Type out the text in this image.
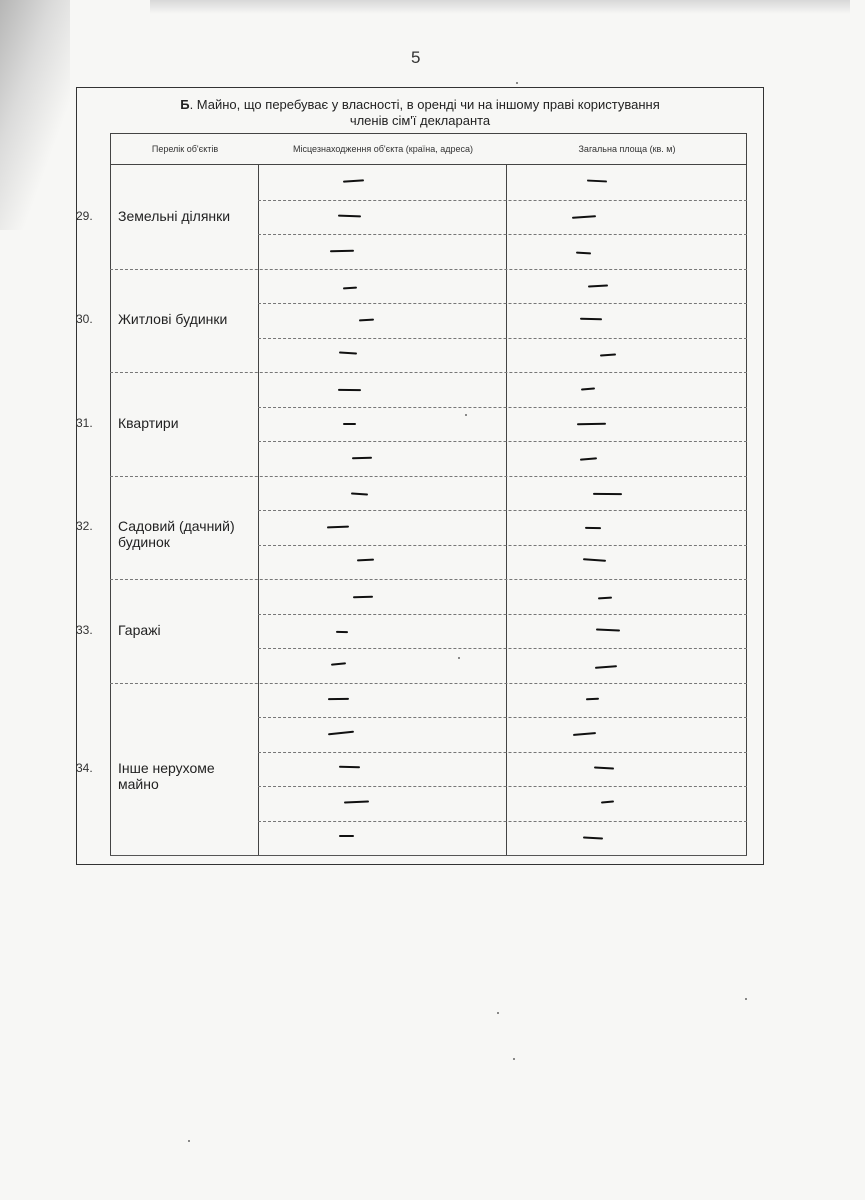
5
Б. Майно, що перебуває у власності, в оренді чи на іншому праві користування
членів сім'ї декларанта
Перелік об'єктів	Місцезнаходження об'єкта (країна, адреса)	Загальна площа (кв. м)
29. Земельні ділянки
30. Житлові будинки
31. Квартири
32. Садовий (дачний) будинок
33. Гаражі
34. Інше нерухоме майно
